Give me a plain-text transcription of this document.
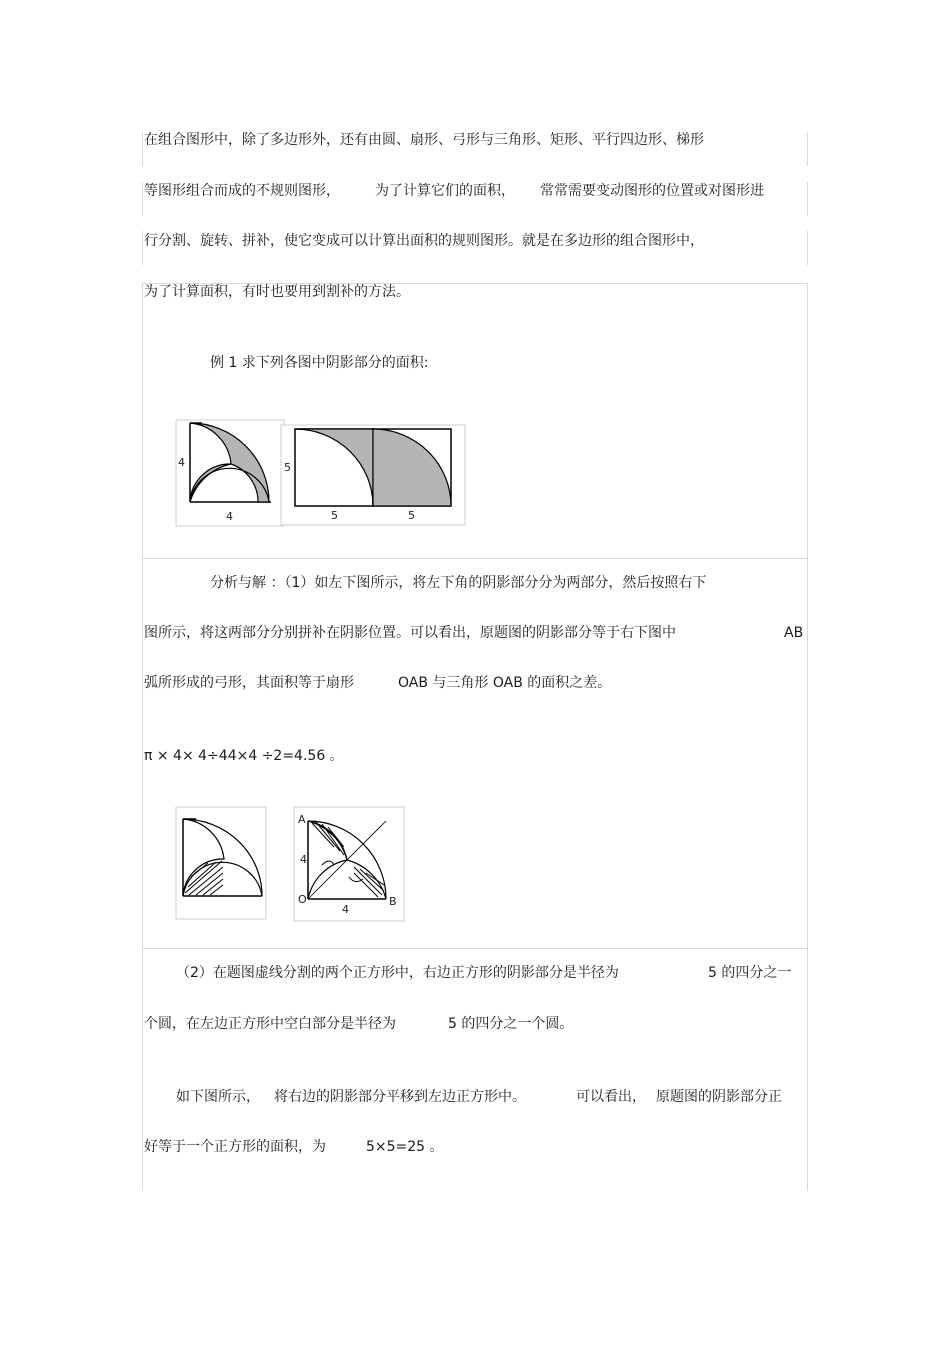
在组合图形中，除了多边形外，还有由圆、扇形、弓形与三角形、矩形、平行四边形、梯形
等图形组合而成的不规则图形，	为了计算它们的面积， 常常需要变动图形的位置或对图形进
行分割、旋转、拼补，使它变成可以计算出面积的规则图形。就是在多边形的组合图形中，
为了计算面积，有时也要用到割补的方法。
例 1 求下列各图中阴影部分的面积:
4
4
5
5	5
分析与解 ：（1）如左下图所示，将左下角的阴影部分分为两部分，然后按照右下
图所示，将这两部分分别拼补在阴影位置。可以看出，原题图的阴影部分等于右下图中	AB
弧所形成的弓形，其面积等于扇形	OAB 与三角形 OAB 的面积之差。
π × 4× 4÷44×4 ÷2=4.56 。
A
O	B
4
4
（2）在题图虚线分割的两个正方形中，右边正方形的阴影部分是半径为	5 的四分之一
个圆，在左边正方形中空白部分是半径为	5 的四分之一个圆。
如下图所示， 将右边的阴影部分平移到左边正方形中。	可以看出， 原题图的阴影部分正
好等于一个正方形的面积，为	5×5=25 。
